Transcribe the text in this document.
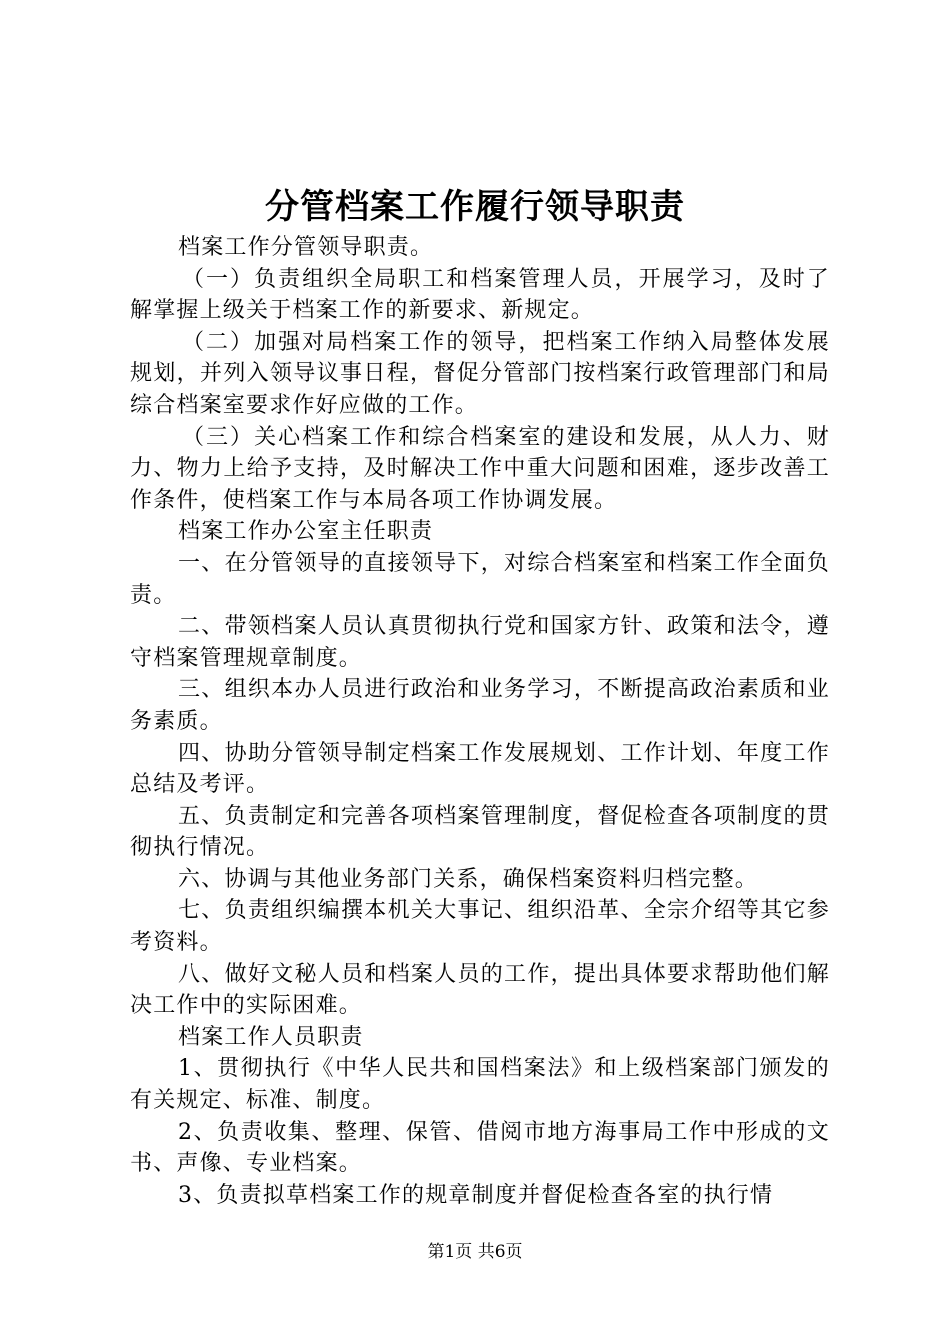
分管档案工作履行领导职责

档案工作分管领导职责。

（一）负责组织全局职工和档案管理人员，开展学习，及时了解掌握上级关于档案工作的新要求、新规定。

（二）加强对局档案工作的领导，把档案工作纳入局整体发展规划，并列入领导议事日程，督促分管部门按档案行政管理部门和局综合档案室要求作好应做的工作。

（三）关心档案工作和综合档案室的建设和发展，从人力、财力、物力上给予支持，及时解决工作中重大问题和困难，逐步改善工作条件，使档案工作与本局各项工作协调发展。

档案工作办公室主任职责

一、在分管领导的直接领导下，对综合档案室和档案工作全面负责。

二、带领档案人员认真贯彻执行党和国家方针、政策和法令，遵守档案管理规章制度。

三、组织本办人员进行政治和业务学习，不断提高政治素质和业务素质。

四、协助分管领导制定档案工作发展规划、工作计划、年度工作总结及考评。

五、负责制定和完善各项档案管理制度，督促检查各项制度的贯彻执行情况。

六、协调与其他业务部门关系，确保档案资料归档完整。

七、负责组织编撰本机关大事记、组织沿革、全宗介绍等其它参考资料。

八、做好文秘人员和档案人员的工作，提出具体要求帮助他们解决工作中的实际困难。

档案工作人员职责

1、贯彻执行《中华人民共和国档案法》和上级档案部门颁发的有关规定、标准、制度。

2、负责收集、整理、保管、借阅市地方海事局工作中形成的文书、声像、专业档案。

3、负责拟草档案工作的规章制度并督促检查各室的执行情

第1页 共6页
